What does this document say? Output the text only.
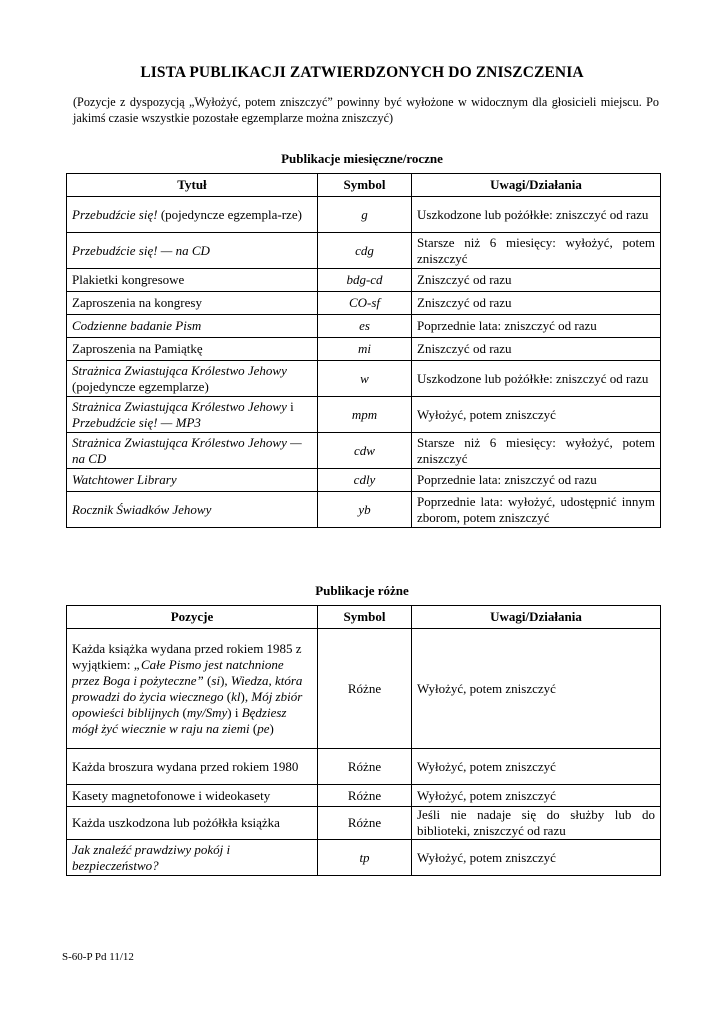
LISTA PUBLIKACJI ZATWIERDZONYCH DO ZNISZCZENIA
(Pozycje z dyspozycją „Wyłożyć, potem zniszczyć” powinny być wyłożone w widocznym dla głosicieli miejscu. Po jakimś czasie wszystkie pozostałe egzemplarze można zniszczyć)
Publikacje miesięczne/roczne
Tytuł	Symbol	Uwagi/Działania
Przebudźcie się! (pojedyncze egzempla-rze)	g	Uszkodzone lub pożółkłe: zniszczyć od razu
Przebudźcie się! — na CD	cdg	Starsze niż 6 miesięcy: wyłożyć, potem zniszczyć
Plakietki kongresowe	bdg-cd	Zniszczyć od razu
Zaproszenia na kongresy	CO-sf	Zniszczyć od razu
Codzienne badanie Pism	es	Poprzednie lata: zniszczyć od razu
Zaproszenia na Pamiątkę	mi	Zniszczyć od razu
Strażnica Zwiastująca Królestwo Jehowy (pojedyncze egzemplarze)	w	Uszkodzone lub pożółkłe: zniszczyć od razu
Strażnica Zwiastująca Królestwo Jehowy i Przebudźcie się! — MP3	mpm	Wyłożyć, potem zniszczyć
Strażnica Zwiastująca Królestwo Jehowy — na CD	cdw	Starsze niż 6 miesięcy: wyłożyć, potem zniszczyć
Watchtower Library	cdly	Poprzednie lata: zniszczyć od razu
Rocznik Świadków Jehowy	yb	Poprzednie lata: wyłożyć, udostępnić innym zborom, potem zniszczyć
Publikacje różne
Pozycje	Symbol	Uwagi/Działania
Każda książka wydana przed rokiem 1985 z wyjątkiem: „Całe Pismo jest natchnione przez Boga i pożyteczne” (si), Wiedza, która prowadzi do życia wiecznego (kl), Mój zbiór opowieści biblijnych (my/Smy) i Będziesz mógł żyć wiecznie w raju na ziemi (pe)	Różne	Wyłożyć, potem zniszczyć
Każda broszura wydana przed rokiem 1980	Różne	Wyłożyć, potem zniszczyć
Kasety magnetofonowe i wideokasety	Różne	Wyłożyć, potem zniszczyć
Każda uszkodzona lub pożółkła książka	Różne	Jeśli nie nadaje się do służby lub do biblioteki, zniszczyć od razu
Jak znaleźć prawdziwy pokój i bezpieczeństwo?	tp	Wyłożyć, potem zniszczyć
S-60-P Pd 11/12
